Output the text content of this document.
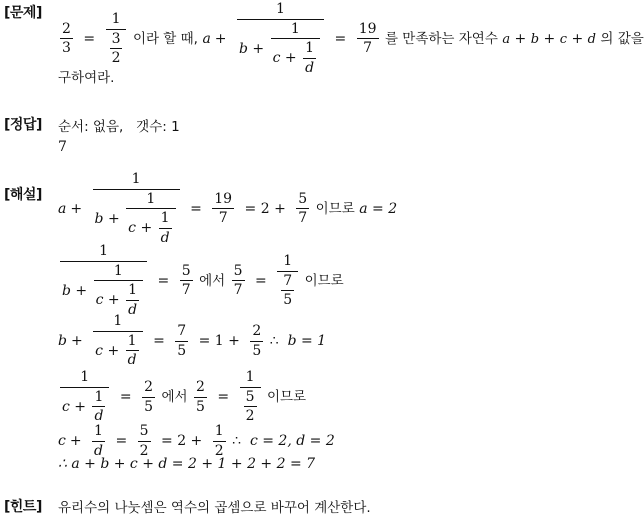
[문제]
$\frac{2}{3} = \frac{1}{\frac{3}{2}}$ 이라 할 때, $a + \frac{1}{b + \frac{1}{c + \frac{1}{d}}} = \frac{19}{7}$ 를 만족하는 자연수 a + b + c + d 의 값을
구하여라.
[정답] 순서: 없음, 갯수: 1
7
[해설]
$a + \frac{1}{b + \frac{1}{c + \frac{1}{d}}} = \frac{19}{7} = 2 + \frac{5}{7}$ 이므로 a = 2
$\frac{1}{b + \frac{1}{c + \frac{1}{d}}} = \frac{5}{7}$ 에서 $\frac{5}{7} = \frac{1}{\frac{7}{5}}$ 이므로
$b + \frac{1}{c + \frac{1}{d}} = \frac{7}{5} = 1 + \frac{2}{5}$ ∴ b = 1
$\frac{1}{c + \frac{1}{d}} = \frac{2}{5}$ 에서 $\frac{2}{5} = \frac{1}{\frac{5}{2}}$ 이므로
$c + \frac{1}{d} = \frac{5}{2} = 2 + \frac{1}{2}$ ∴ c = 2, d = 2
∴ a + b + c + d = 2 + 1 + 2 + 2 = 7
[힌트] 유리수의 나눗셈은 역수의 곱셈으로 바꾸어 계산한다.
